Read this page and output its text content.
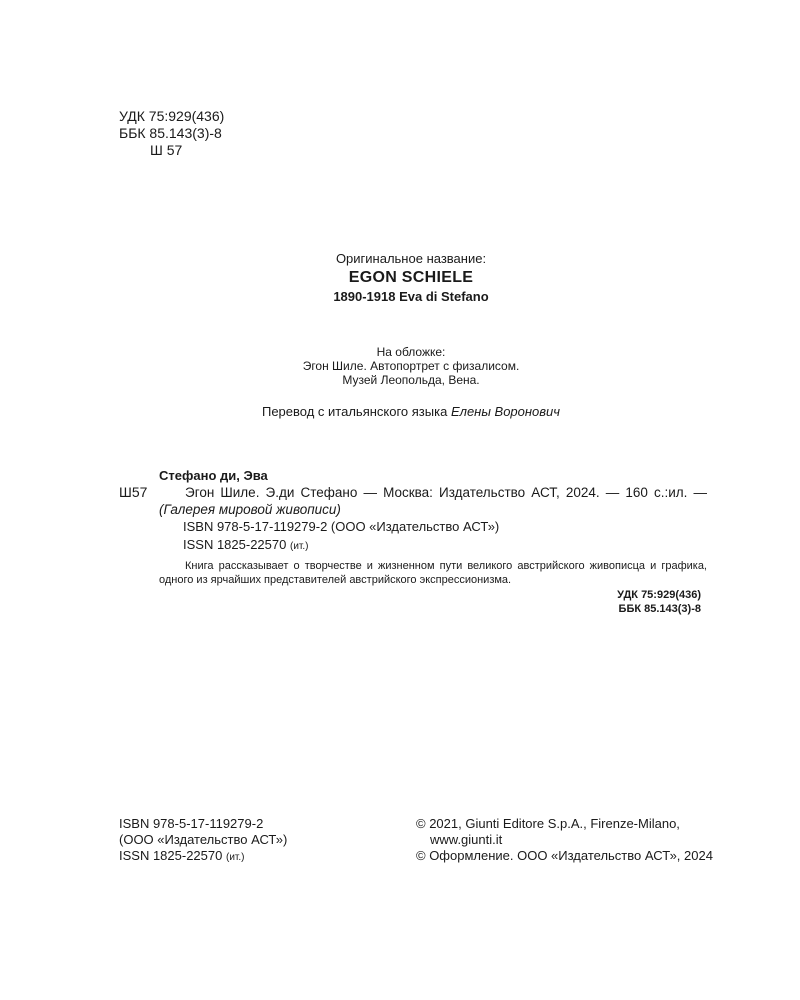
УДК 75:929(436)
ББК 85.143(3)-8
Ш 57
Оригинальное название:
EGON SCHIELE
1890-1918 Eva di Stefano
На обложке:
Эгон Шиле. Автопортрет с физалисом.
Музей Леопольда, Вена.
Перевод с итальянского языка Елены Воронович
Стефано ди, Эва
Ш57	Эгон Шиле. Э.ди Стефано — Москва: Издательство АСТ, 2024. — 160 с.:ил. — (Галерея мировой живописи)
ISBN 978-5-17-119279-2 (ООО «Издательство АСТ»)
ISSN 1825-22570 (ит.)
Книга рассказывает о творчестве и жизненном пути великого австрийского живописца и графика, одного из ярчайших представителей австрийского экспрессионизма.
УДК 75:929(436)
ББК 85.143(3)-8
ISBN 978-5-17-119279-2
(ООО «Издательство АСТ»)
ISSN 1825-22570 (ит.)
© 2021, Giunti Editore S.p.A., Firenze-Milano,
www.giunti.it
© Оформление. ООО «Издательство АСТ», 2024
